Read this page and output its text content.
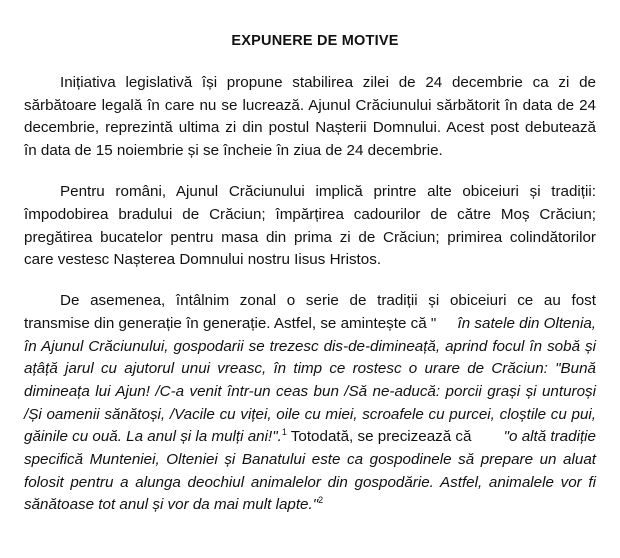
EXPUNERE DE MOTIVE
Inițiativa legislativă își propune stabilirea zilei de 24 decembrie ca zi de
sărbătoare legală în care nu se lucrează. Ajunul Crăciunului sărbătorit în data de 24
decembrie, reprezintă ultima zi din postul Nașterii Domnului. Acest post debutează
în data de 15 noiembrie și se încheie în ziua de 24 decembrie.
Pentru români, Ajunul Crăciunului implică printre alte obiceiuri și tradiții:
împodobirea bradului de Crăciun; împărțirea cadourilor de către Moș Crăciun;
pregătirea bucatelor pentru masa din prima zi de Crăciun; primirea colindătorilor
care vestesc Nașterea Domnului nostru Iisus Hristos.
De asemenea, întâlnim zonal o serie de tradiții și obiceiuri ce au fost
transmise din generație în generație. Astfel, se amintește că " în satele din Oltenia,
în Ajunul Crăciunului, gospodarii se trezesc dis-de-dimineață, aprind focul în sobă și
ațâță jarul cu ajutorul unui vreasc, în timp ce rostesc o urare de Crăciun: "Bună
dimineața lui Ajun! /C-a venit într-un ceas bun /Să ne-aducă: porcii grași și unturoși
/Și oamenii sănătoși, /Vacile cu viței, oile cu miei, scroafele cu purcei, cloștile cu pui,
găinile cu ouă. La anul și la mulți ani!".$^1$ Totodată, se precizează că "o altă tradiție
specifică Munteniei, Olteniei și Banatului este ca gospodinele să prepare un aluat
folosit pentru a alunga deochiul animalelor din gospodărie. Astfel, animalele vor fi
sănătoase tot anul și vor da mai mult lapte."$^2$
